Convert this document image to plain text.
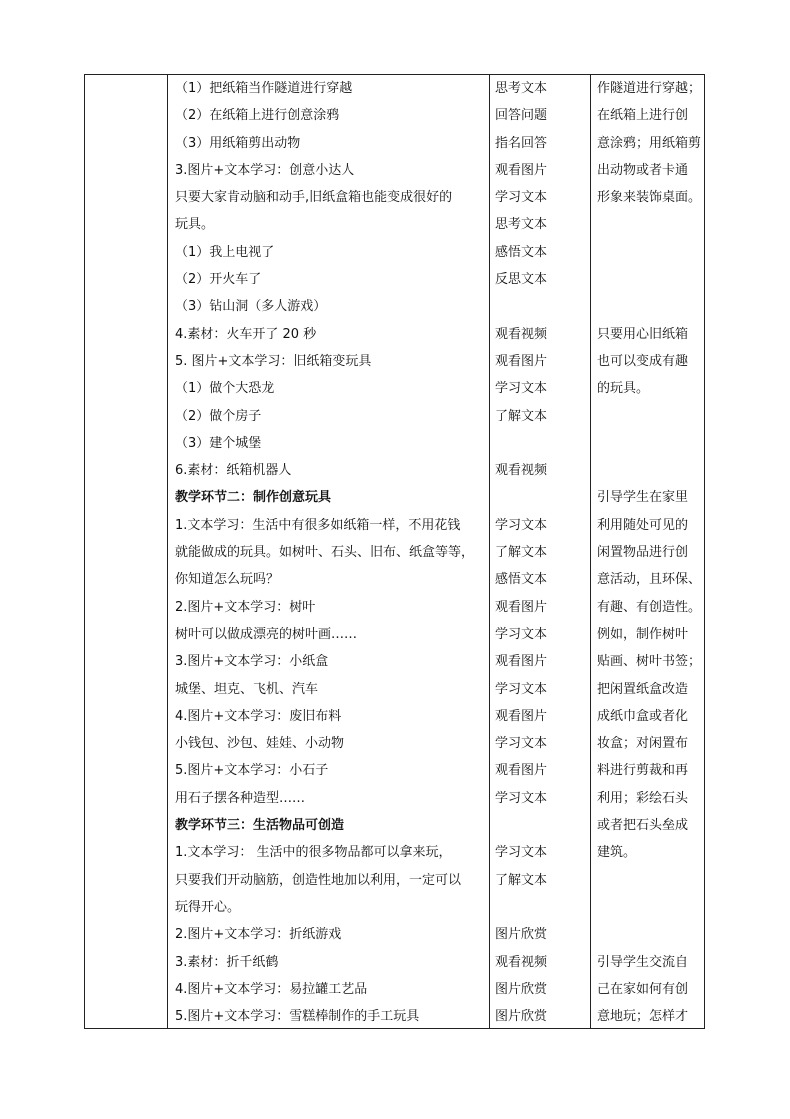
（1）把纸箱当作隧道进行穿越
（2）在纸箱上进行创意涂鸦
（3）用纸箱剪出动物
3.图片+文本学习：创意小达人
只要大家肯动脑和动手,旧纸盒箱也能变成很好的
玩具。
（1）我上电视了
（2）开火车了
（3）钻山洞（多人游戏）
4.素材：火车开了 20 秒
5. 图片+文本学习：旧纸箱变玩具
（1）做个大恐龙
（2）做个房子
（3）建个城堡
6.素材：纸箱机器人
教学环节二：制作创意玩具
1.文本学习：生活中有很多如纸箱一样，不用花钱
就能做成的玩具。如树叶、石头、旧布、纸盒等等，
你知道怎么玩吗？
2.图片+文本学习：树叶
树叶可以做成漂亮的树叶画……
3.图片+文本学习：小纸盒
城堡、坦克、飞机、汽车
4.图片+文本学习：废旧布料
小钱包、沙包、娃娃、小动物
5.图片+文本学习：小石子
用石子摆各种造型……
教学环节三：生活物品可创造
1.文本学习： 生活中的很多物品都可以拿来玩，
只要我们开动脑筋，创造性地加以利用，一定可以
玩得开心。
2.图片+文本学习：折纸游戏
3.素材：折千纸鹤
4.图片+文本学习：易拉罐工艺品
5.图片+文本学习：雪糕棒制作的手工玩具
思考文本
回答问题
指名回答
观看图片
学习文本
思考文本
感悟文本
反思文本
观看视频
观看图片
学习文本
了解文本
观看视频
学习文本
了解文本
感悟文本
观看图片
学习文本
观看图片
学习文本
观看图片
学习文本
观看图片
学习文本
学习文本
了解文本
图片欣赏
观看视频
图片欣赏
图片欣赏
作隧道进行穿越；
在纸箱上进行创
意涂鸦；用纸箱剪
出动物或者卡通
形象来装饰桌面。
只要用心旧纸箱
也可以变成有趣
的玩具。
引导学生在家里
利用随处可见的
闲置物品进行创
意活动，且环保、
有趣、有创造性。
例如，制作树叶
贴画、树叶书签；
把闲置纸盒改造
成纸巾盒或者化
妆盒；对闲置布
料进行剪裁和再
利用；彩绘石头
或者把石头垒成
建筑。
引导学生交流自
己在家如何有创
意地玩；怎样才
